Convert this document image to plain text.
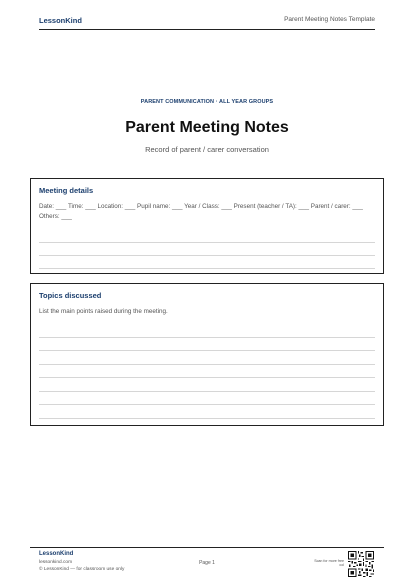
LessonKind	Parent Meeting Notes Template
PARENT COMMUNICATION · ALL YEAR GROUPS
Parent Meeting Notes
Record of parent / carer conversation
Meeting details
Date: ___ Time: ___ Location: ___ Pupil name: ___ Year / Class: ___ Present (teacher / TA): ___ Parent / carer: ___ Others: ___
Topics discussed
List the main points raised during the meeting.
LessonKind
lessonkind.com
© LessonKind — for classroom use only
Page 1	Scan for more free col
